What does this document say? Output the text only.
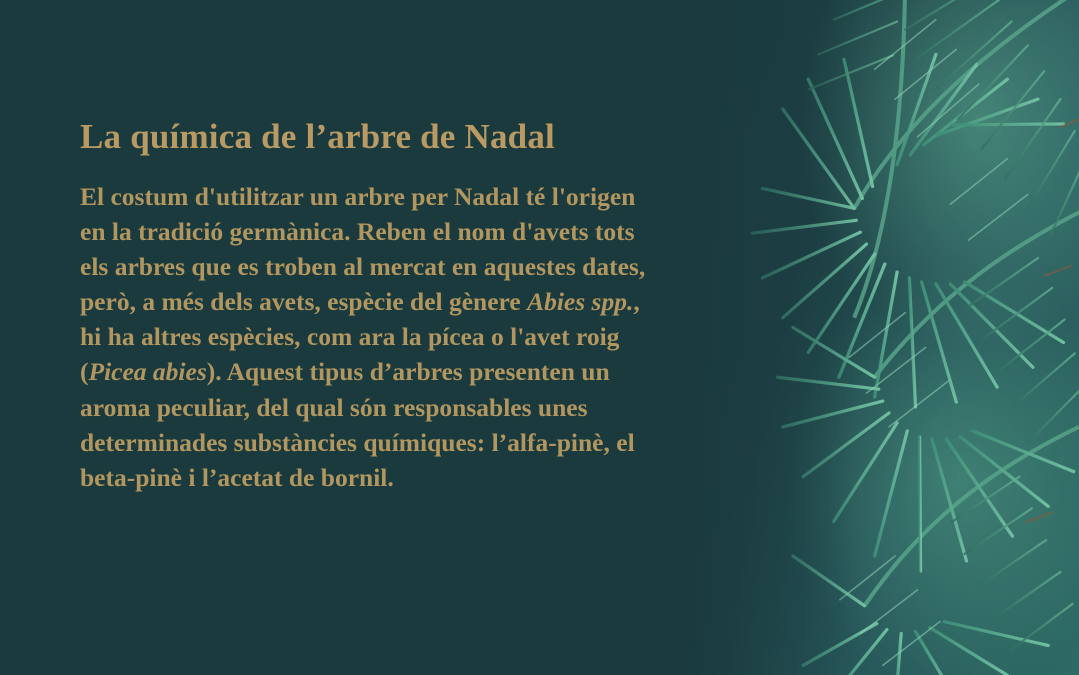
La química de l’arbre de Nadal

El costum d'utilitzar un arbre per Nadal té l'origen en la tradició germànica. Reben el nom d'avets tots els arbres que es troben al mercat en aquestes dates, però, a més dels avets, espècie del gènere Abies spp., hi ha altres espècies, com ara la pícea o l'avet roig (Picea abies). Aquest tipus d’arbres presenten un aroma peculiar, del qual són responsables unes determinades substàncies químiques: l’alfa-pinè, el beta-pinè i l’acetat de bornil.
